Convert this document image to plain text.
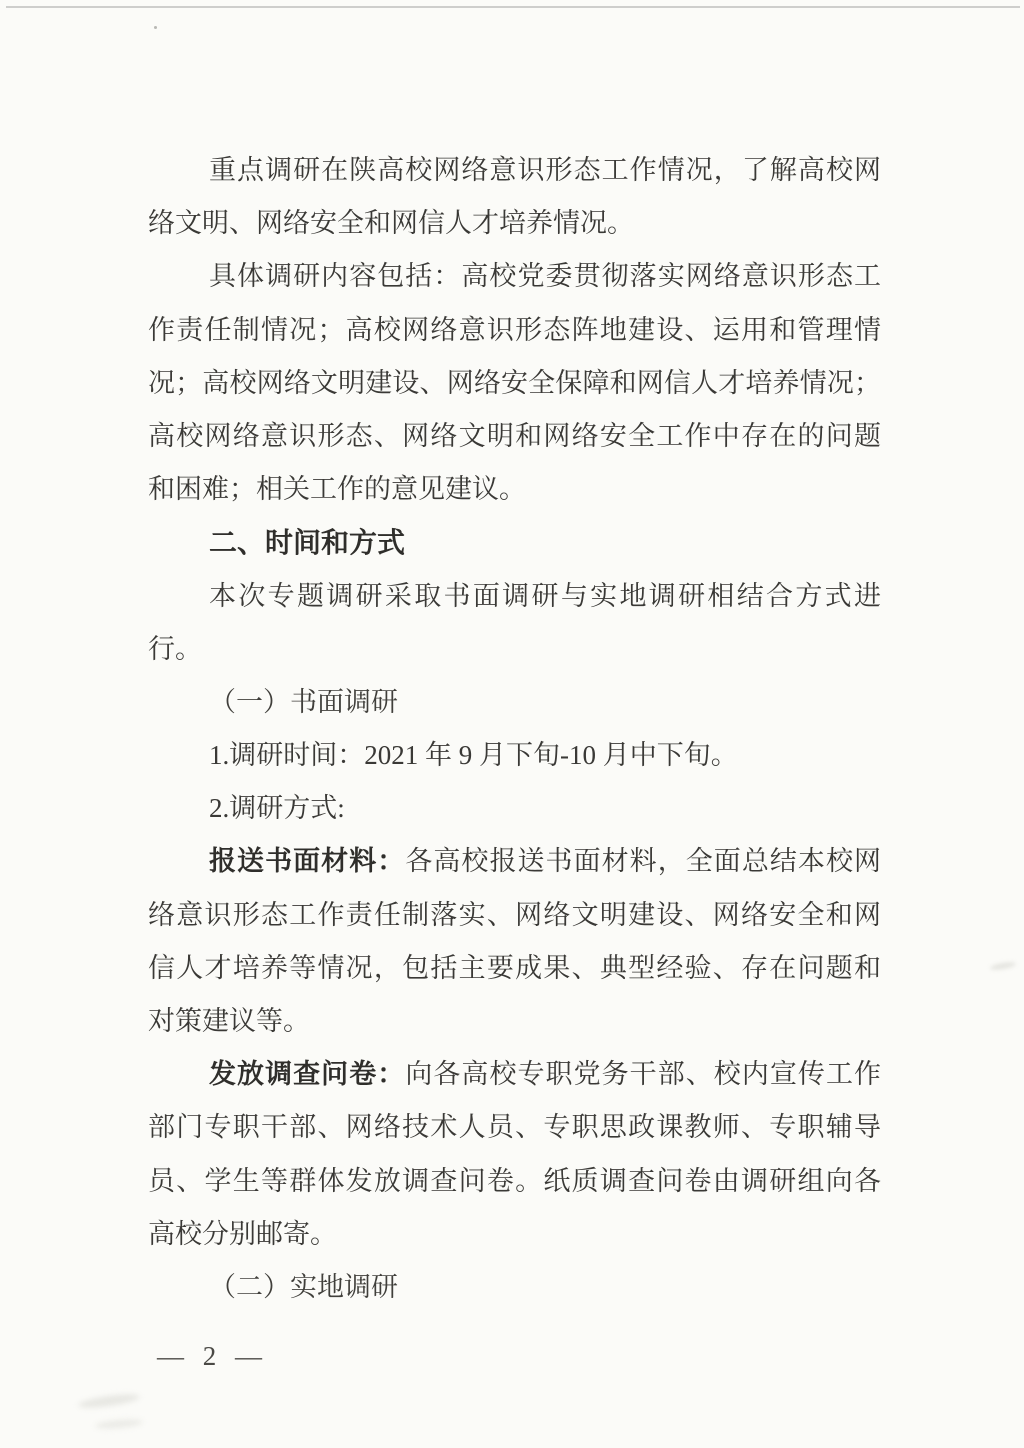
重点调研在陕高校网络意识形态工作情况，了解高校网
络文明、网络安全和网信人才培养情况。
具体调研内容包括：高校党委贯彻落实网络意识形态工
作责任制情况；高校网络意识形态阵地建设、运用和管理情
况；高校网络文明建设、网络安全保障和网信人才培养情况；
高校网络意识形态、网络文明和网络安全工作中存在的问题
和困难；相关工作的意见建议。
二、时间和方式
本次专题调研采取书面调研与实地调研相结合方式进
行。
（一）书面调研
1.调研时间：2021 年 9 月下旬-10 月中下旬。
2.调研方式:
报送书面材料：各高校报送书面材料，全面总结本校网
络意识形态工作责任制落实、网络文明建设、网络安全和网
信人才培养等情况，包括主要成果、典型经验、存在问题和
对策建议等。
发放调查问卷：向各高校专职党务干部、校内宣传工作
部门专职干部、网络技术人员、专职思政课教师、专职辅导
员、学生等群体发放调查问卷。纸质调查问卷由调研组向各
高校分别邮寄。
（二）实地调研
— 2 —
